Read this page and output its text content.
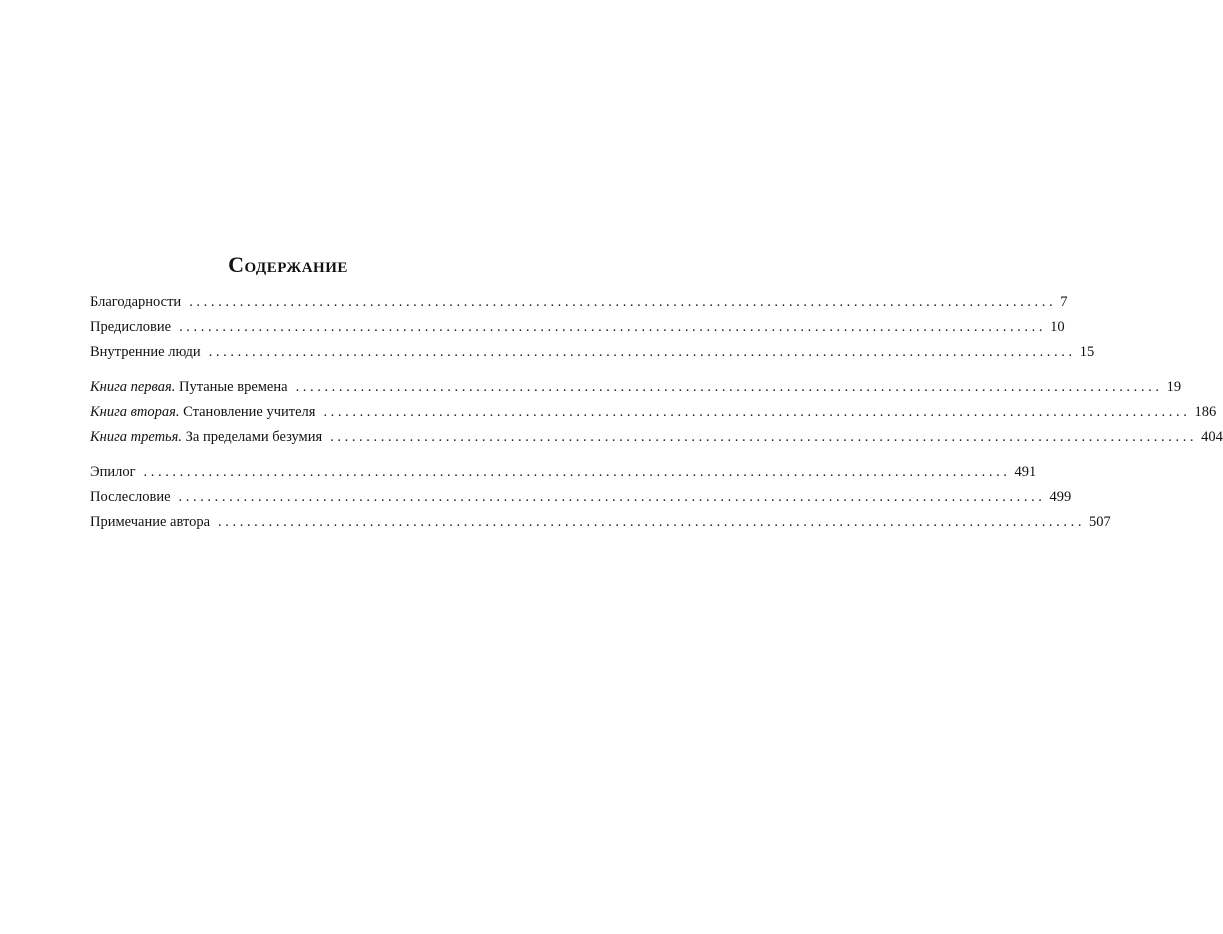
Содержание
Благодарности ........................................................................................................................ 7
Предисловие ........................................................................................................................ 10
Внутренние люди ........................................................................................................................ 15
Книга первая. Путаные времена ........................................................................................................................ 19
Книга вторая. Становление учителя ........................................................................................................................ 186
Книга третья. За пределами безумия ........................................................................................................................ 404
Эпилог ........................................................................................................................ 491
Послесловие ........................................................................................................................ 499
Примечание автора ........................................................................................................................ 507
